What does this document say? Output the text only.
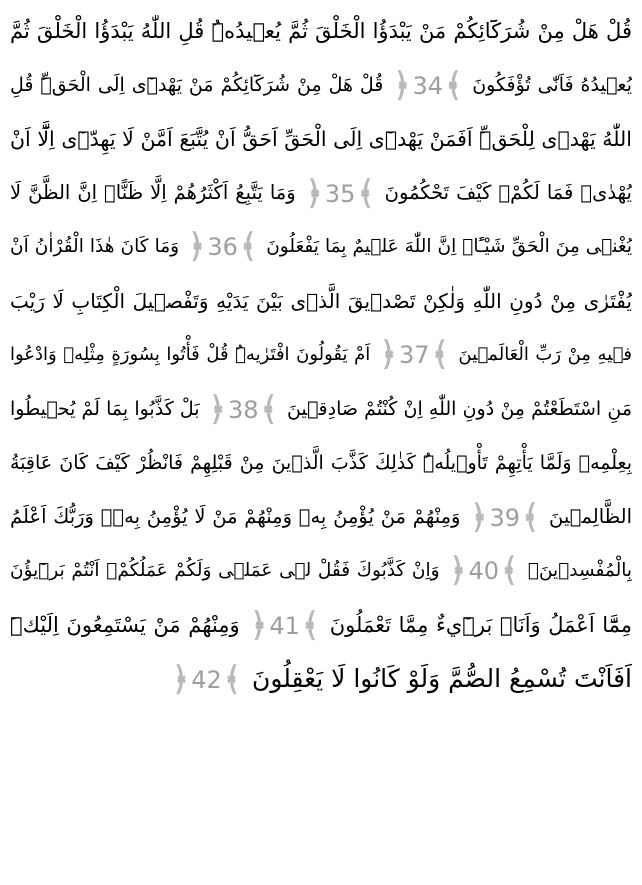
قُلْ هَلْ مِنْ شُرَكَٓائِكُمْ مَنْ يَبْدَؤُا الْخَلْقَ ثُمَّ يُع۪يدُهُۜ قُلِ اللّٰهُ يَبْدَؤُا الْخَلْقَ ثُمَّ
يُع۪يدُهُ فَاَنّٰى تُؤْفَكُونَ ﴿ 34 ﴾ قُلْ هَلْ مِنْ شُرَكَٓائِكُمْ مَنْ يَهْد۪ٓى اِلَى الْحَقِّۜ قُلِ
اللّٰهُ يَهْد۪ى لِلْحَقِّۜ اَفَمَنْ يَهْد۪ٓى اِلَى الْحَقِّ اَحَقُّ اَنْ يُتَّبَعَ اَمَّنْ لَا يَهِدّ۪ٓى اِلَّٓا اَنْ
يُهْدٰىۚ فَمَا لَكُمْ۠ كَيْفَ تَحْكُمُونَ ﴿ 35 ﴾ وَمَا يَتَّبِعُ اَكْثَرُهُمْ اِلَّا ظَنًّاۜ اِنَّ الظَّنَّ لَا
يُغْن۪ى مِنَ الْحَقِّ شَيْـًٔاۜ اِنَّ اللّٰهَ عَل۪يمٌ بِمَا يَفْعَلُونَ ﴿ 36 ﴾ وَمَا كَانَ هٰذَا الْقُرْاٰنُ اَنْ
يُفْتَرٰى مِنْ دُونِ اللّٰهِ وَلٰكِنْ تَصْد۪يقَ الَّذ۪ى بَيْنَ يَدَيْهِ وَتَفْص۪يلَ الْكِتَابِ لَا رَيْبَ
ف۪يهِ مِنْ رَبِّ الْعَالَم۪ينَ ﴿ 37 ﴾ اَمْ يَقُولُونَ افْتَرٰيهُۜ قُلْ فَأْتُوا بِسُورَةٍ مِثْلِه۪ وَادْعُوا
مَنِ اسْتَطَعْتُمْ مِنْ دُونِ اللّٰهِ اِنْ كُنْتُمْ صَادِق۪ينَ ﴿ 38 ﴾ بَلْ كَذَّبُوا بِمَا لَمْ يُح۪يطُوا
بِعِلْمِه۪ وَلَمَّا يَأْتِهِمْ تَأْو۪يلُهُۜ كَذٰلِكَ كَذَّبَ الَّذ۪ينَ مِنْ قَبْلِهِمْ فَانْظُرْ كَيْفَ كَانَ عَاقِبَةُ
الظَّالِم۪ينَ ﴿ 39 ﴾ وَمِنْهُمْ مَنْ يُؤْمِنُ بِه۪ وَمِنْهُمْ مَنْ لَا يُؤْمِنُ بِه۪ۜ وَرَبُّكَ اَعْلَمُ
بِالْمُفْسِد۪ينَ۟ ﴿ 40 ﴾ وَاِنْ كَذَّبُوكَ فَقُلْ ل۪ى عَمَل۪ى وَلَكُمْ عَمَلُكُمْۚ اَنْتُمْ بَر۪ٓيؤُنَ
مِمَّٓا اَعْمَلُ وَاَنَا۬ بَر۪ٓيءٌ مِمَّا تَعْمَلُونَ ﴿ 41 ﴾ وَمِنْهُمْ مَنْ يَسْتَمِعُونَ اِلَيْكَۜ
اَفَاَنْتَ تُسْمِعُ الصُّمَّ وَلَوْ كَانُوا لَا يَعْقِلُونَ ﴿ 42 ﴾
